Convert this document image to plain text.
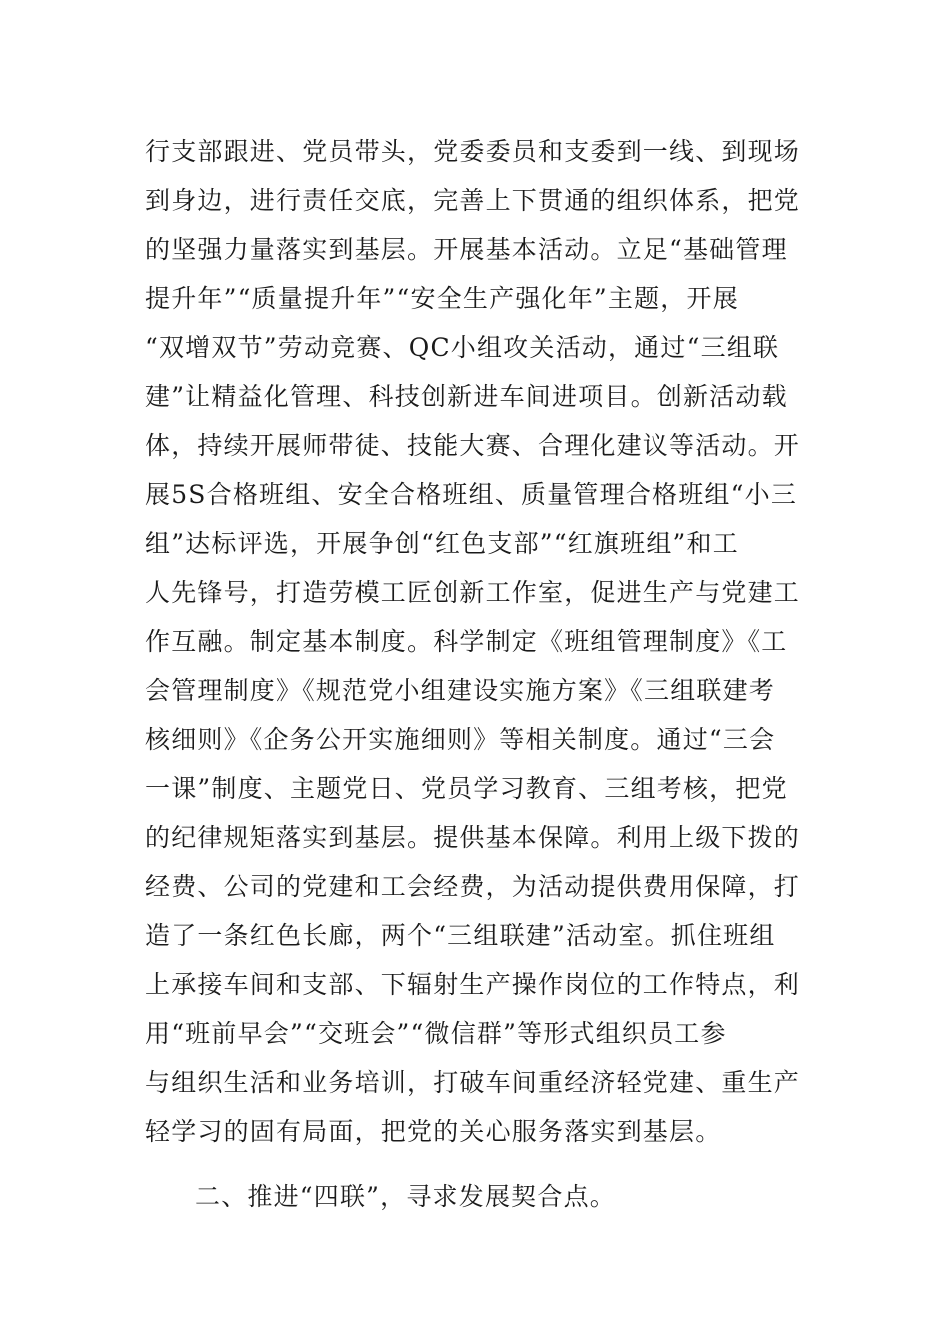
行支部跟进、党员带头，党委委员和支委到一线、到现场
到身边，进行责任交底，完善上下贯通的组织体系，把党
的坚强力量落实到基层。开展基本活动。立足“基础管理
提升年”“质量提升年”“安全生产强化年”主题，开展
“双增双节”劳动竞赛、QC小组攻关活动，通过“三组联
建”让精益化管理、科技创新进车间进项目。创新活动载
体，持续开展师带徒、技能大赛、合理化建议等活动。开
展5S合格班组、安全合格班组、质量管理合格班组“小三
组”达标评选，开展争创“红色支部”“红旗班组”和工
人先锋号，打造劳模工匠创新工作室，促进生产与党建工
作互融。制定基本制度。科学制定《班组管理制度》《工
会管理制度》《规范党小组建设实施方案》《三组联建考
核细则》《企务公开实施细则》等相关制度。通过“三会
一课”制度、主题党日、党员学习教育、三组考核，把党
的纪律规矩落实到基层。提供基本保障。利用上级下拨的
经费、公司的党建和工会经费，为活动提供费用保障，打
造了一条红色长廊，两个“三组联建”活动室。抓住班组
上承接车间和支部、下辐射生产操作岗位的工作特点，利
用“班前早会”“交班会”“微信群”等形式组织员工参
与组织生活和业务培训，打破车间重经济轻党建、重生产
轻学习的固有局面，把党的关心服务落实到基层。
二、推进“四联”，寻求发展契合点。
